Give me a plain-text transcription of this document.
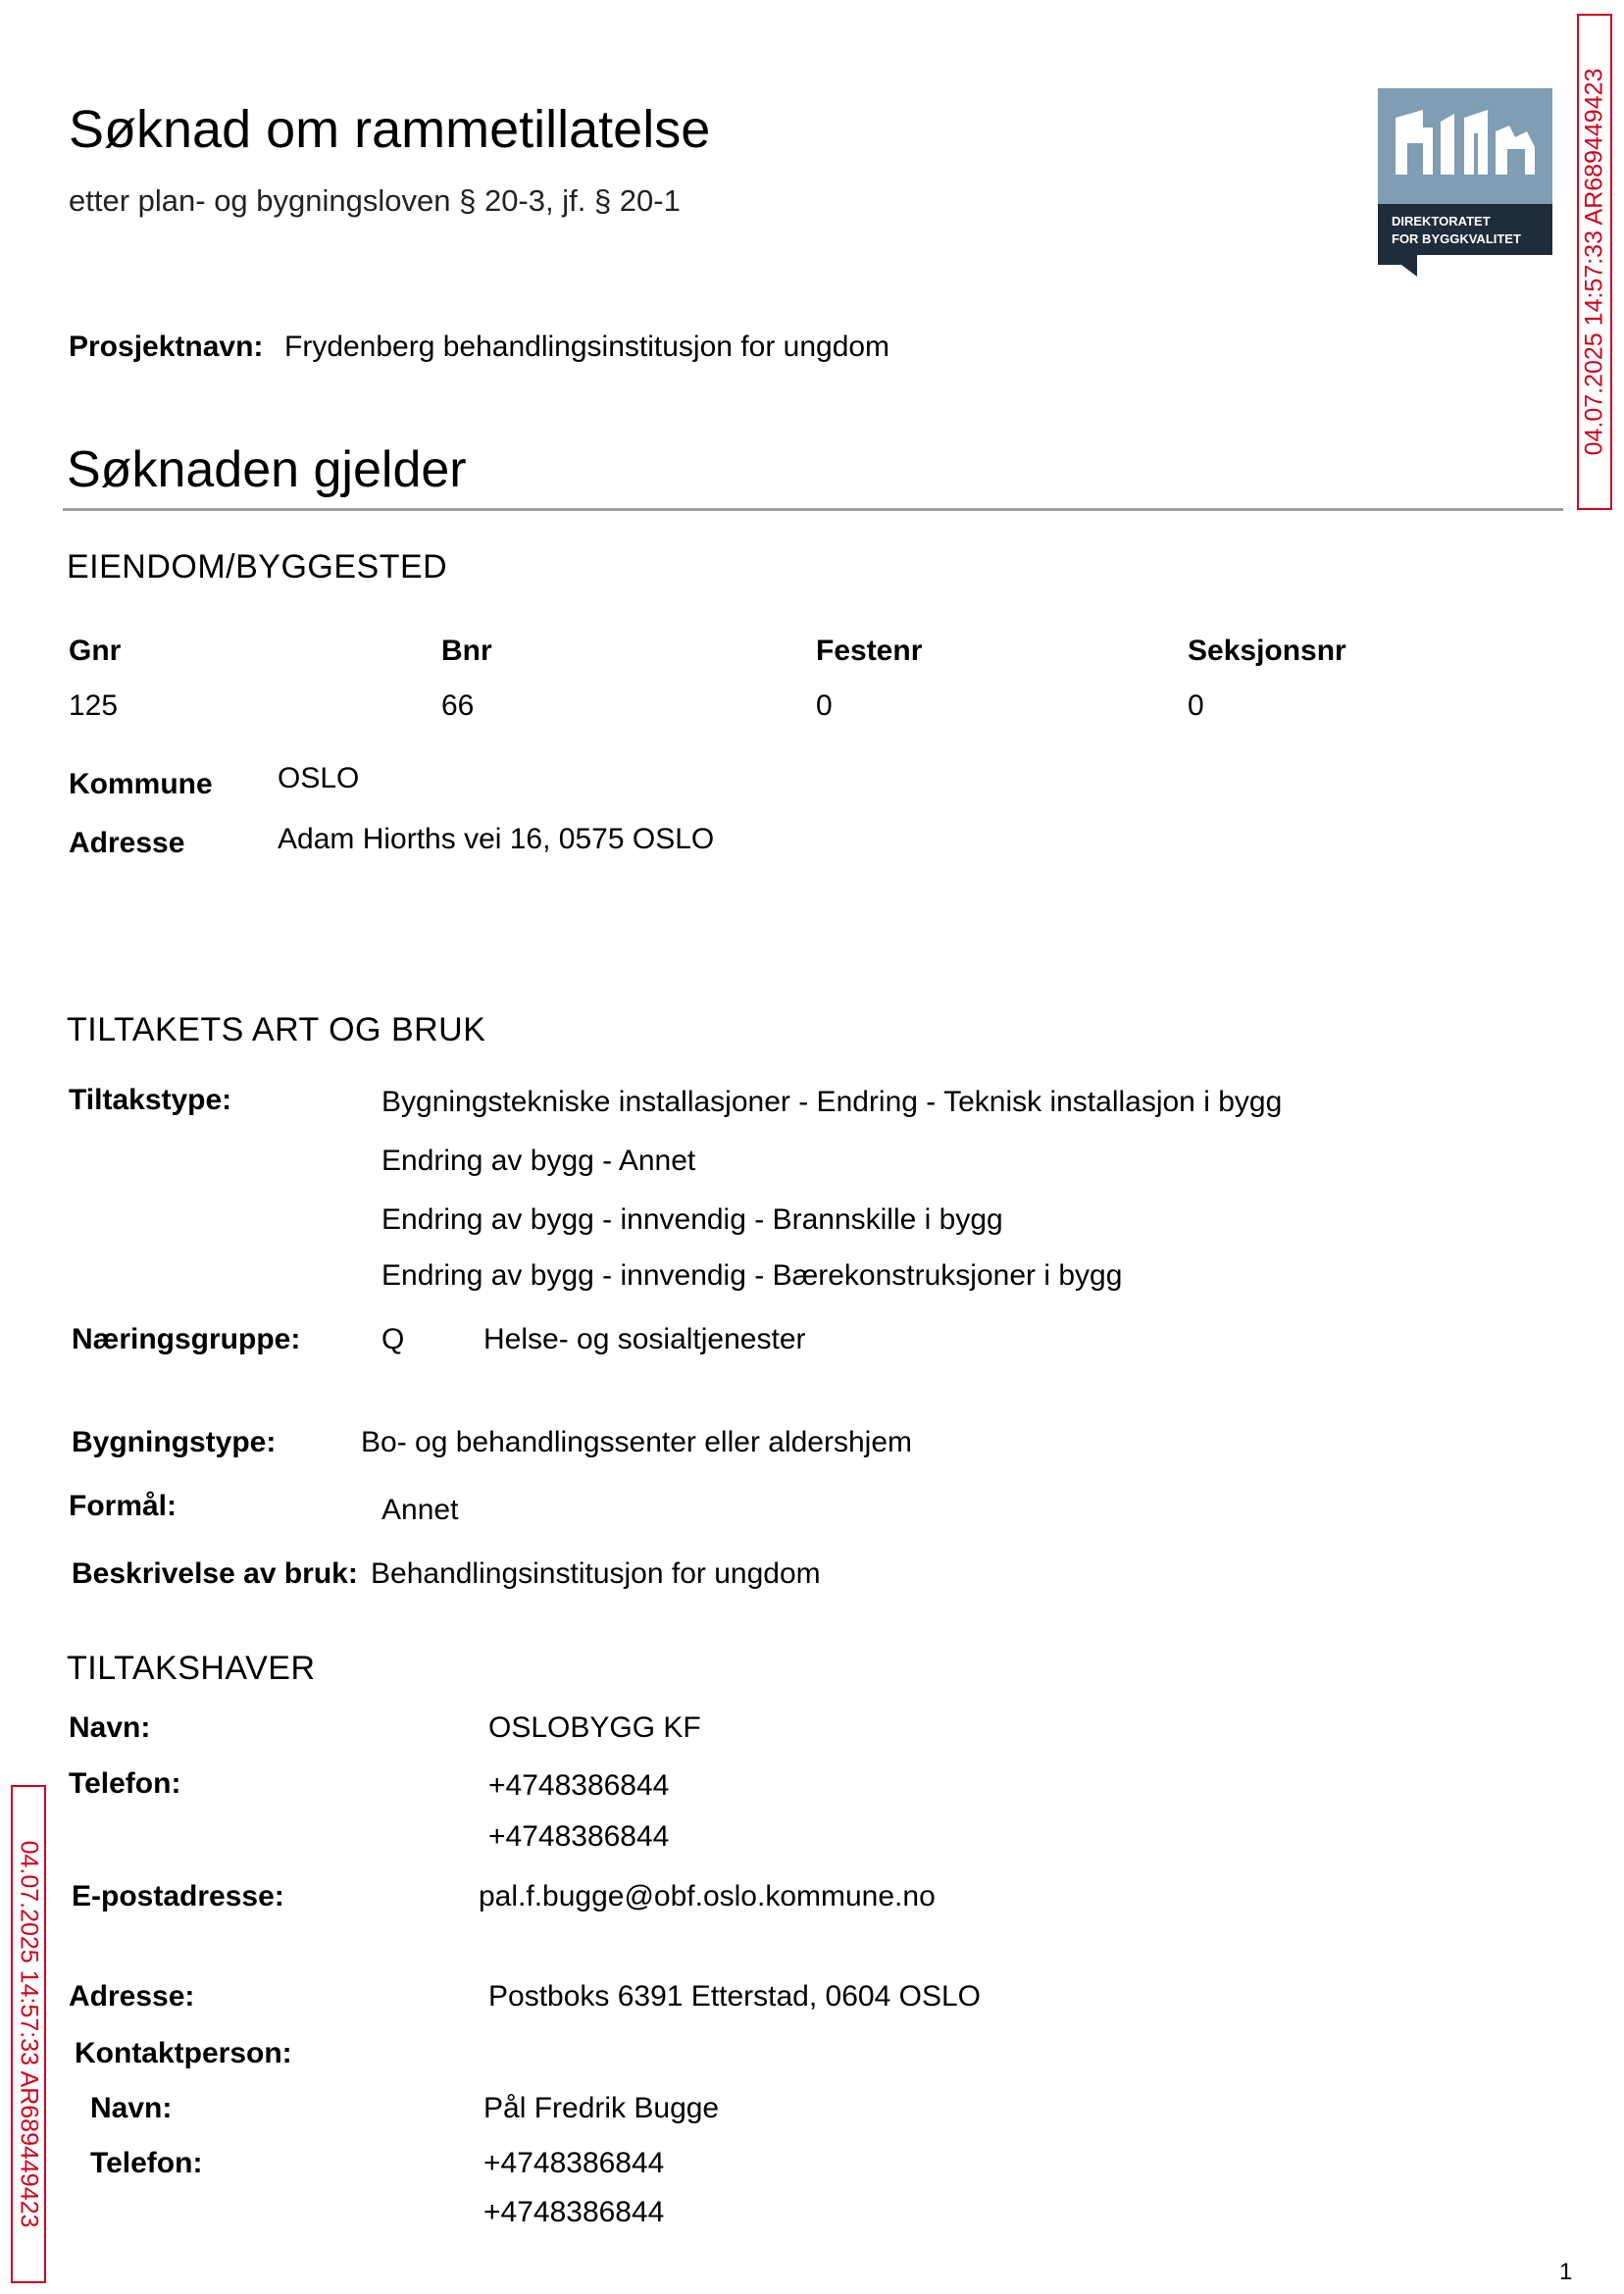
Søknad om rammetillatelse
etter plan- og bygningsloven § 20-3, jf. § 20-1
DIREKTORATET
FOR BYGGKVALITET
Prosjektnavn: Frydenberg behandlingsinstitusjon for ungdom
Søknaden gjelder
EIENDOM/BYGGESTED
Gnr	Bnr	Festenr	Seksjonsnr
125	66	0	0
Kommune OSLO
Adresse	Adam Hiorths vei 16, 0575 OSLO
TILTAKETS ART OG BRUK
Tiltakstype:	Bygningstekniske installasjoner - Endring - Teknisk installasjon i bygg
Endring av bygg - Annet
Endring av bygg - innvendig - Brannskille i bygg
Endring av bygg - innvendig - Bærekonstruksjoner i bygg
Næringsgruppe:	Q	Helse- og sosialtjenester
Bygningstype:	Bo- og behandlingssenter eller aldershjem
Formål:	Annet
Beskrivelse av bruk: Behandlingsinstitusjon for ungdom
TILTAKSHAVER
Navn:	OSLOBYGG KF
Telefon:	+4748386844
+4748386844
E-postadresse:	pal.f.bugge@obf.oslo.kommune.no
Adresse:	Postboks 6391 Etterstad, 0604 OSLO
Kontaktperson:
Navn:	Pål Fredrik Bugge
Telefon:	+4748386844
+4748386844
04.07.2025 14:57:33 AR689449423
04.07.2025 14:57:33 AR689449423
1
